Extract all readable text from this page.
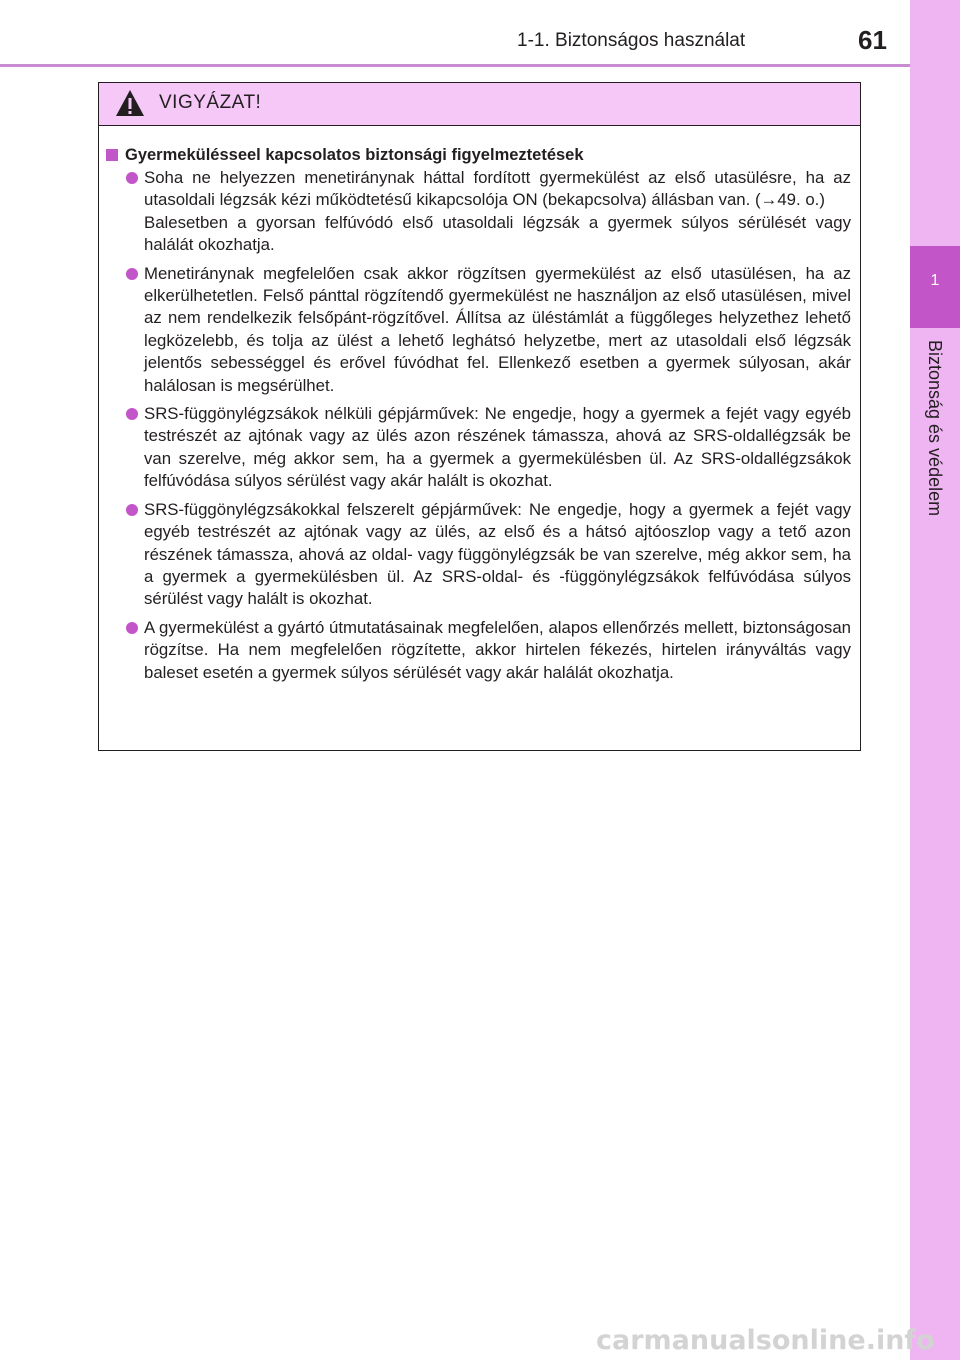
1-1. Biztonságos használat	61
1
Biztonság és védelem
VIGYÁZAT!
Gyermekülésseel kapcsolatos biztonsági figyelmeztetések

Soha ne helyezzen menetiránynak háttal fordított gyermekülést az első utasülésre, ha az utasoldali légzsák kézi működtetésű kikapcsolója ON (bekapcsolva) állásban van. (→49. o.)

Balesetben a gyorsan felfúvódó első utasoldali légzsák a gyermek súlyos sérülését vagy halálát okozhatja.

Menetiránynak megfelelően csak akkor rögzítsen gyermekülést az első utasülésen, ha az elkerülhetetlen. Felső pánttal rögzítendő gyermekülést ne használjon az első utasülésen, mivel az nem rendelkezik felsőpánt-rögzítővel. Állítsa az üléstámlát a függőleges helyzethez lehető legközelebb, és tolja az ülést a lehető leghátsó helyzetbe, mert az utasoldali első légzsák jelentős sebességgel és erővel fúvódhat fel. Ellenkező esetben a gyermek súlyosan, akár halálosan is megsérülhet.

SRS-függönylégzsákok nélküli gépjárművek: Ne engedje, hogy a gyermek a fejét vagy egyéb testrészét az ajtónak vagy az ülés azon részének támassza, ahová az SRS-oldallégzsák be van szerelve, még akkor sem, ha a gyermek a gyermekülésben ül. Az SRS-oldallégzsákok felfúvódása súlyos sérülést vagy akár halált is okozhat.

SRS-függönylégzsákokkal felszerelt gépjárművek: Ne engedje, hogy a gyermek a fejét vagy egyéb testrészét az ajtónak vagy az ülés, az első és a hátsó ajtóoszlop vagy a tető azon részének támassza, ahová az oldal- vagy függönylégzsák be van szerelve, még akkor sem, ha a gyermek a gyermekülésben ül. Az SRS-oldal- és -függönylégzsákok felfúvódása súlyos sérülést vagy halált is okozhat.

A gyermekülést a gyártó útmutatásainak megfelelően, alapos ellenőrzés mellett, biztonságosan rögzítse. Ha nem megfelelően rögzítette, akkor hirtelen fékezés, hirtelen irányváltás vagy baleset esetén a gyermek súlyos sérülését vagy akár halálát okozhatja.

carmanualsonline.info
